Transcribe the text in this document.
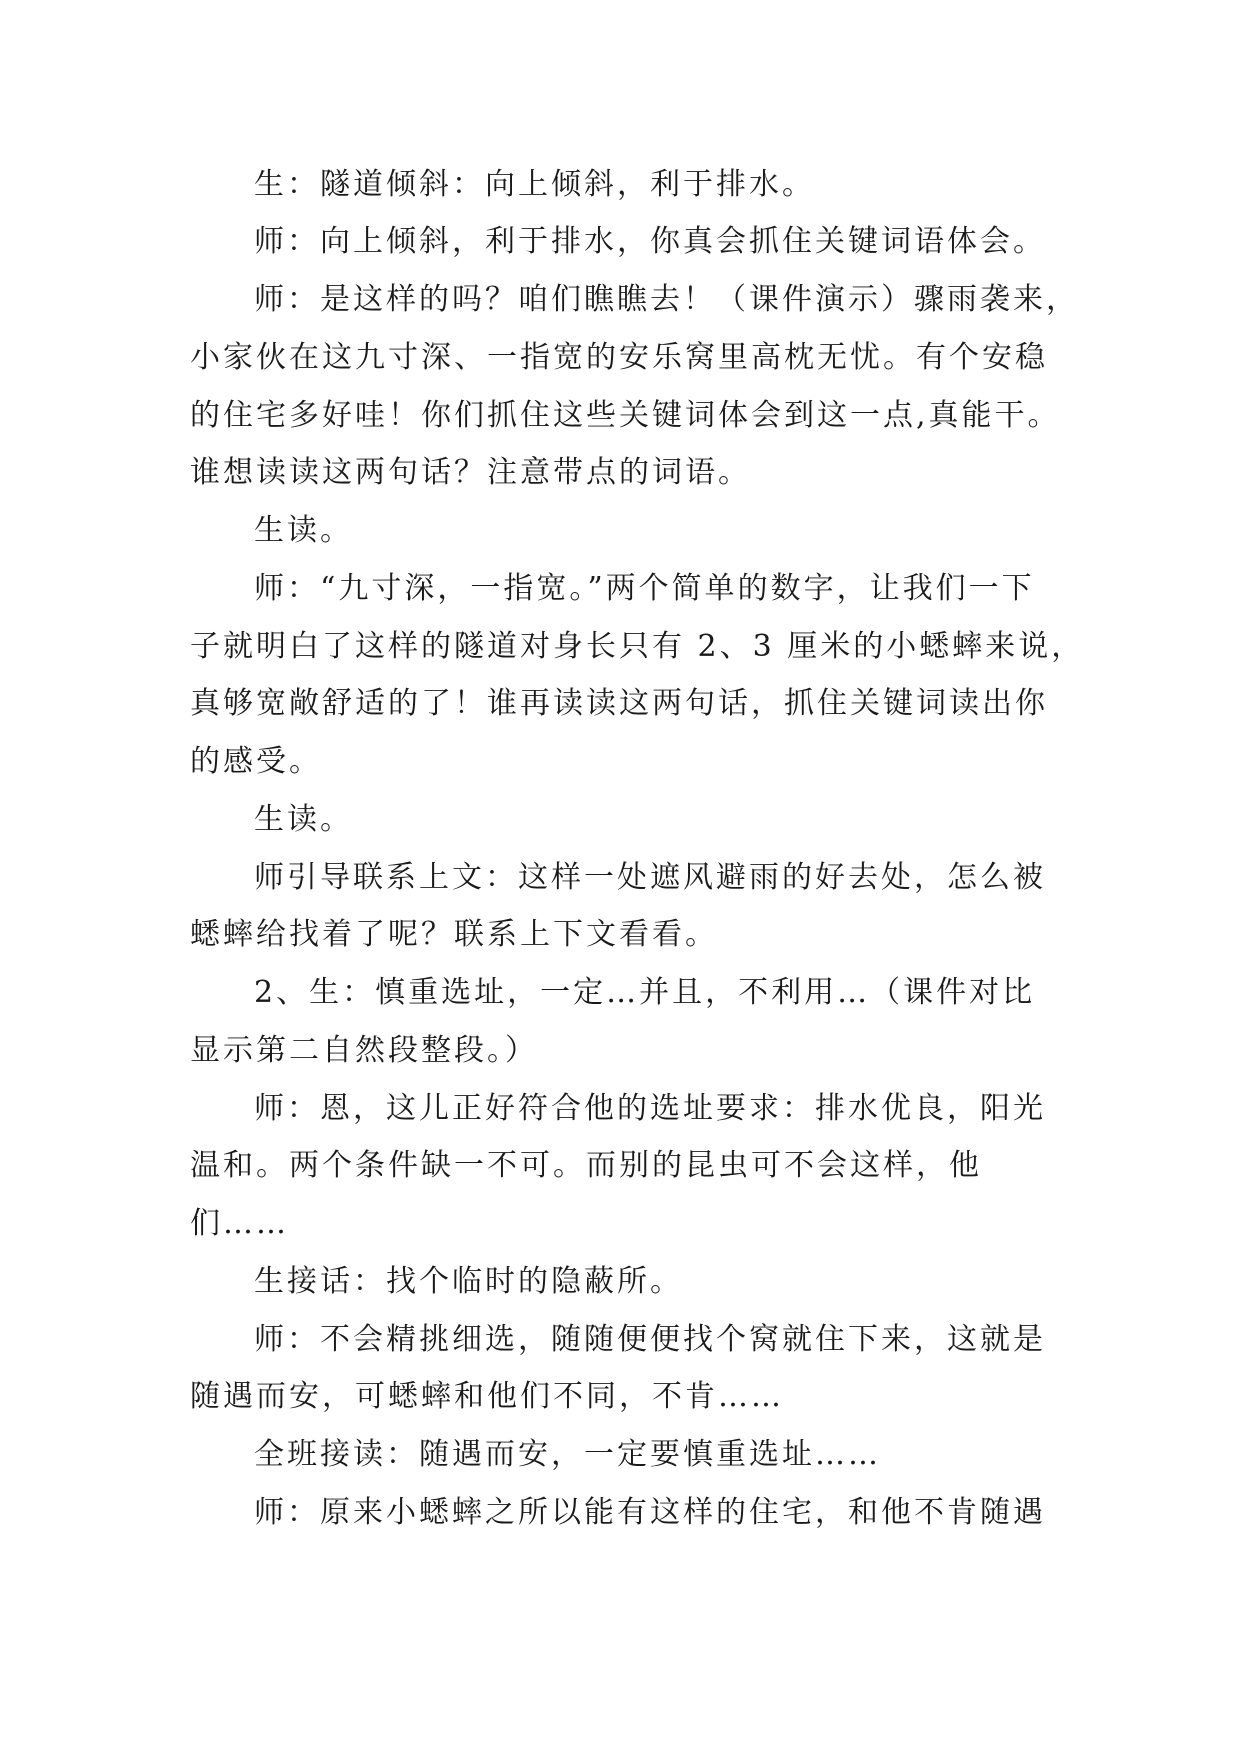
生：隧道倾斜：向上倾斜，利于排水。
师：向上倾斜，利于排水，你真会抓住关键词语体会。
师：是这样的吗？咱们瞧瞧去！（课件演示）骤雨袭来，
小家伙在这九寸深、一指宽的安乐窝里高枕无忧。有个安稳
的住宅多好哇！你们抓住这些关键词体会到这一点,真能干。
谁想读读这两句话？注意带点的词语。
生读。
师：“九寸深，一指宽。”两个简单的数字，让我们一下
子就明白了这样的隧道对身长只有 2、3 厘米的小蟋蟀来说，
真够宽敞舒适的了！谁再读读这两句话，抓住关键词读出你
的感受。
生读。
师引导联系上文：这样一处遮风避雨的好去处，怎么被
蟋蟀给找着了呢？联系上下文看看。
2、生：慎重选址，一定…并且，不利用…（课件对比
显示第二自然段整段。）
师：恩，这儿正好符合他的选址要求：排水优良，阳光
温和。两个条件缺一不可。而别的昆虫可不会这样，他
们……
生接话：找个临时的隐蔽所。
师：不会精挑细选，随随便便找个窝就住下来，这就是
随遇而安，可蟋蟀和他们不同，不肯……
全班接读：随遇而安，一定要慎重选址……
师：原来小蟋蟀之所以能有这样的住宅，和他不肯随遇
